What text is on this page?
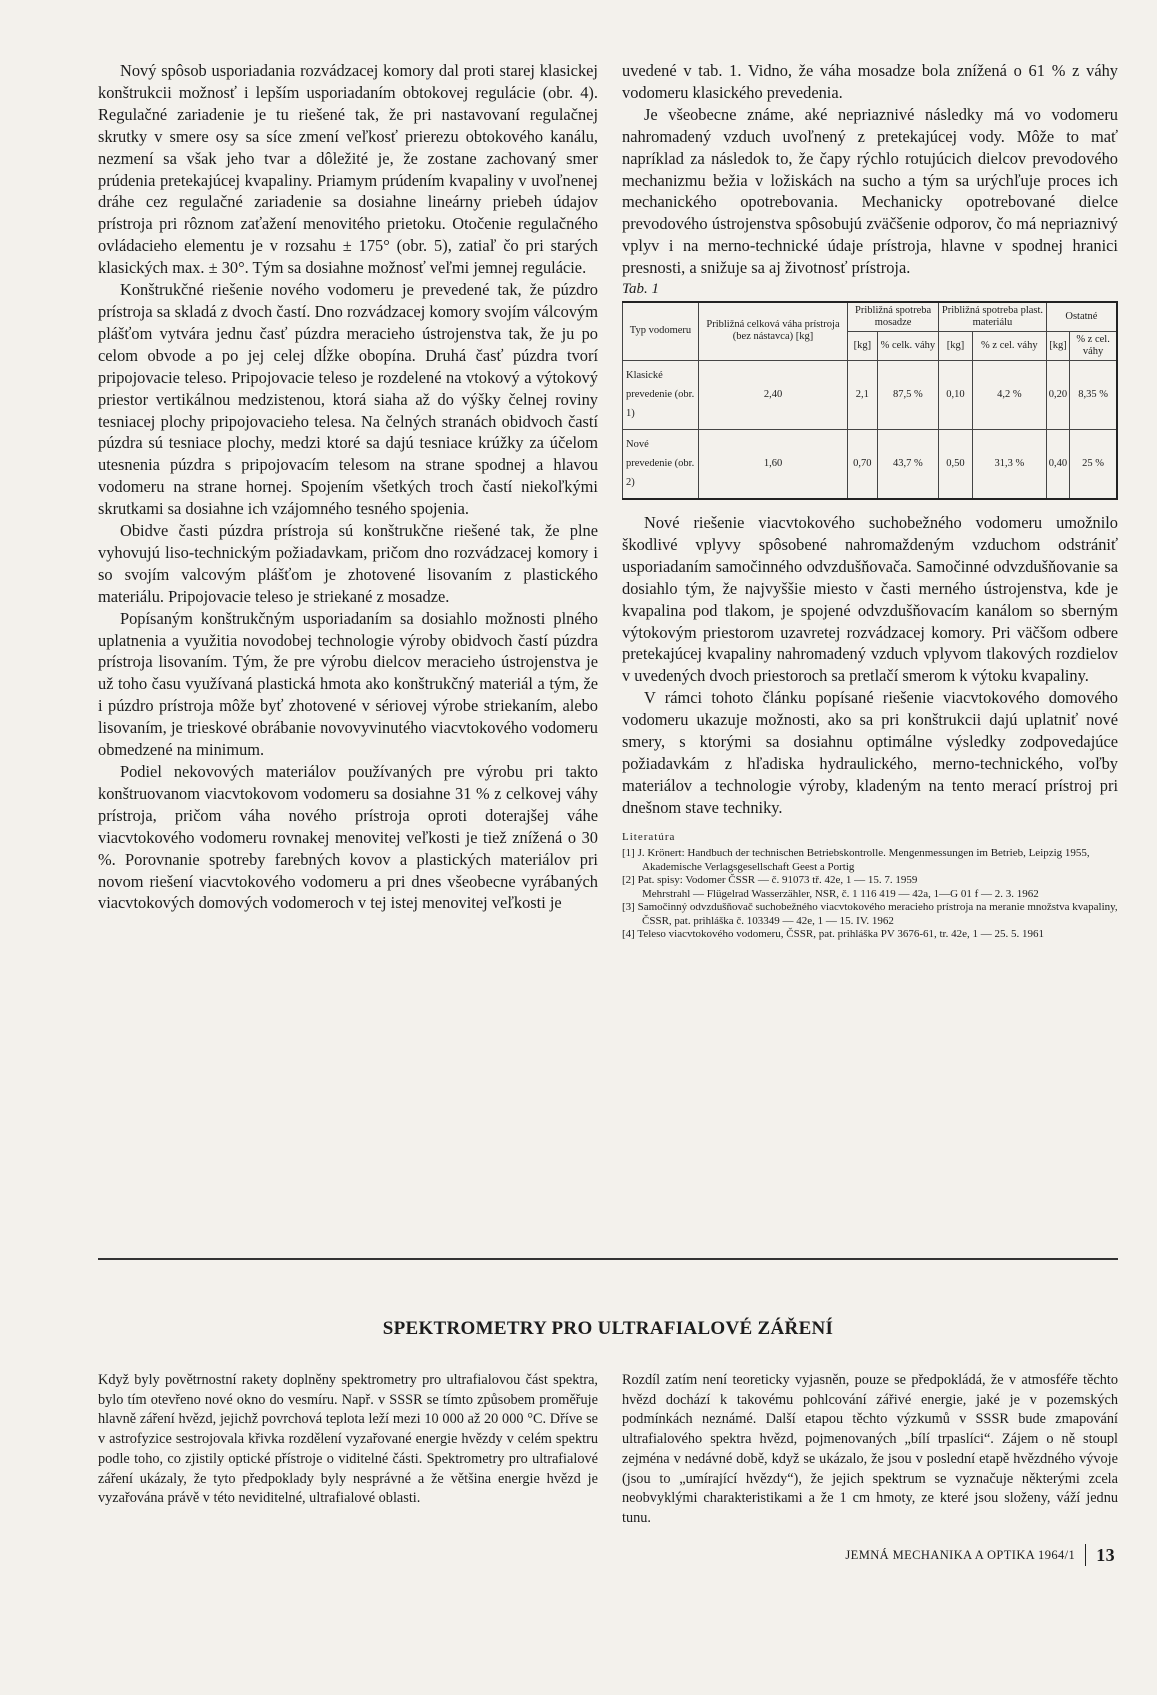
Nový spôsob usporiadania rozvádzacej komory dal proti starej klasickej konštrukcii možnosť i lepším usporiadaním obtokovej regulácie (obr. 4). Regulačné zariadenie je tu riešené tak, že pri nastavovaní regulačnej skrutky v smere osy sa síce zmení veľkosť prierezu obtokového kanálu, nezmení sa však jeho tvar a dôležité je, že zostane zachovaný smer prúdenia pretekajúcej kvapaliny. Priamym prúdením kvapaliny v uvoľnenej dráhe cez regulačné zariadenie sa dosiahne lineárny priebeh údajov prístroja pri rôznom zaťažení menovitého prietoku. Otočenie regulačného ovládacieho elementu je v rozsahu ± 175° (obr. 5), zatiaľ čo pri starých klasických max. ± 30°. Tým sa dosiahne možnosť veľmi jemnej regulácie.

Konštrukčné riešenie nového vodomeru je prevedené tak, že púzdro prístroja sa skladá z dvoch častí. Dno rozvádzacej komory svojím válcovým plášťom vytvára jednu časť púzdra meracieho ústrojenstva tak, že ju po celom obvode a po jej celej dĺžke obopína. Druhá časť púzdra tvorí pripojovacie teleso. Pripojovacie teleso je rozdelené na vtokový a výtokový priestor vertikálnou medzistenou, ktorá siaha až do výšky čelnej roviny tesniacej plochy pripojovacieho telesa. Na čelných stranách obidvoch častí púzdra sú tesniace plochy, medzi ktoré sa dajú tesniace krúžky za účelom utesnenia púzdra s pripojovacím telesom na strane spodnej a hlavou vodomeru na strane hornej. Spojením všetkých troch častí niekoľkými skrutkami sa dosiahne ich vzájomného tesného spojenia.

Obidve časti púzdra prístroja sú konštrukčne riešené tak, že plne vyhovujú liso-technickým požiadavkam, pričom dno rozvádzacej komory i so svojím valcovým plášťom je zhotovené lisovaním z plastického materiálu. Pripojovacie teleso je striekané z mosadze.

Popísaným konštrukčným usporiadaním sa dosiahlo možnosti plného uplatnenia a využitia novodobej technologie výroby obidvoch častí púzdra prístroja lisovaním. Tým, že pre výrobu dielcov meracieho ústrojenstva je už toho času využívaná plastická hmota ako konštrukčný materiál a tým, že i púzdro prístroja môže byť zhotovené v sériovej výrobe striekaním, alebo lisovaním, je trieskové obrábanie novovyvinutého viacvtokového vodomeru obmedzené na minimum.

Podiel nekovových materiálov používaných pre výrobu pri takto konštruovanom viacvtokovom vodomeru sa dosiahne 31 % z celkovej váhy prístroja, pričom váha nového prístroja oproti doterajšej váhe viacvtokového vodomeru rovnakej menovitej veľkosti je tiež znížená o 30 %. Porovnanie spotreby farebných kovov a plastických materiálov pri novom riešení viacvtokového vodomeru a pri dnes všeobecne vyrábaných viacvtokových domových vodomeroch v tej istej menovitej veľkosti je

uvedené v tab. 1. Vidno, že váha mosadze bola znížená o 61 % z váhy vodomeru klasického prevedenia.

Je všeobecne známe, aké nepriaznivé následky má vo vodomeru nahromadený vzduch uvoľnený z pretekajúcej vody. Môže to mať napríklad za následok to, že čapy rýchlo rotujúcich dielcov prevodového mechanizmu bežia v ložiskách na sucho a tým sa urýchľuje proces ich mechanického opotrebovania. Mechanicky opotrebované dielce prevodového ústrojenstva spôsobujú zväčšenie odporov, čo má nepriaznivý vplyv i na merno-technické údaje prístroja, hlavne v spodnej hranici presnosti, a snižuje sa aj životnosť prístroja.

Tab. 1

Typ vodomeru	Približná celková váha prístroja (bez nástavca) [kg]	Približná spotreba mosadze		Približná spotreba plast. materiálu		Ostatné	
		[kg]	% celk. váhy	[kg]	% z cel. váhy	[kg]	% z cel. váhy
Klasické prevedenie (obr. 1)	2,40	2,1	87,5 %	0,10	4,2 %	0,20	8,35 %
Nové prevedenie (obr. 2)	1,60	0,70	43,7 %	0,50	31,3 %	0,40	25 %

Nové riešenie viacvtokového suchobežného vodomeru umožnilo škodlivé vplyvy spôsobené nahromaždeným vzduchom odstrániť usporiadaním samočinného odvzdušňovača. Samočinné odvzdušňovanie sa dosiahlo tým, že najvyššie miesto v časti merného ústrojenstva, kde je kvapalina pod tlakom, je spojené odvzdušňovacím kanálom so sberným výtokovým priestorom uzavretej rozvádzacej komory. Pri väčšom odbere pretekajúcej kvapaliny nahromadený vzduch vplyvom tlakových rozdielov v uvedených dvoch priestoroch sa pretlačí smerom k výtoku kvapaliny.

V rámci tohoto článku popísané riešenie viacvtokového domového vodomeru ukazuje možnosti, ako sa pri konštrukcii dajú uplatniť nové smery, s ktorými sa dosiahnu optimálne výsledky zodpovedajúce požiadavkám z hľadiska hydraulického, merno-technického, voľby materiálov a technologie výroby, kladeným na tento merací prístroj pri dnešnom stave techniky.

Literatúra
[1] J. Krönert: Handbuch der technischen Betriebskontrolle. Mengenmessungen im Betrieb, Leipzig 1955, Akademische Verlagsgesellschaft Geest a Portig
[2] Pat. spisy: Vodomer ČSSR — č. 91073 tř. 42e, 1 — 15. 7. 1959
Mehrstrahl — Flügelrad Wasserzähler, NSR, č. 1 116 419 — 42a, 1—G 01 f — 2. 3. 1962
[3] Samočinný odvzdušňovač suchobežného viacvtokového meracieho prístroja na meranie množstva kvapaliny, ČSSR, pat. prihláška č. 103349 — 42e, 1 — 15. IV. 1962
[4] Teleso viacvtokového vodomeru, ČSSR, pat. prihláška PV 3676-61, tr. 42e, 1 — 25. 5. 1961
SPEKTROMETRY PRO ULTRAFIALOVÉ ZÁŘENÍ

Když byly povětrnostní rakety doplněny spektrometry pro ultrafialovou část spektra, bylo tím otevřeno nové okno do vesmíru. Např. v SSSR se tímto způsobem proměřuje hlavně záření hvězd, jejichž povrchová teplota leží mezi 10 000 až 20 000 °C. Dříve se v astrofyzice sestrojovala křivka rozdělení vyzařované energie hvězdy v celém spektru podle toho, co zjistily optické přístroje o viditelné části. Spektrometry pro ultrafialové záření ukázaly, že tyto předpoklady byly nesprávné a že většina energie hvězd je vyzařována právě v této neviditelné, ultrafialové oblasti.

Rozdíl zatím není teoreticky vyjasněn, pouze se předpokládá, že v atmosféře těchto hvězd dochází k takovému pohlcování zářivé energie, jaké je v pozemských podmínkách neznámé. Další etapou těchto výzkumů v SSSR bude zmapování ultrafialového spektra hvězd, pojmenovaných „bílí trpaslíci“. Zájem o ně stoupl zejména v nedávné době, když se ukázalo, že jsou v poslední etapě hvězdného vývoje (jsou to „umírající hvězdy“), že jejich spektrum se vyznačuje některými zcela neobvyklými charakteristikami a že 1 cm hmoty, ze které jsou složeny, váží jednu tunu.

JEMNÁ MECHANIKA A OPTIKA 1964/1 13
